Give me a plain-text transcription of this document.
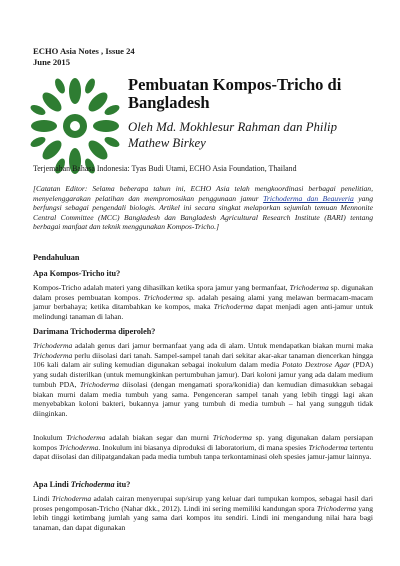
ECHO Asia Notes , Issue 24
June 2015
Pembuatan Kompos-Tricho di Bangladesh
Oleh Md. Mokhlesur Rahman dan Philip Mathew Birkey
Terjemahan Bahasa Indonesia: Tyas Budi Utami, ECHO Asia Foundation, Thailand
[Catatan Editor: Selama beberapa tahun ini, ECHO Asia telah mengkoordinasi berbagai penelitian, menyelenggarakan pelatihan dan mempromosikan penggunaan jamur Trichoderma dan Beauveria yang berfungsi sebagai pengendali biologis. Artikel ini secara singkat melaporkan sejumlah temuan Mennonite Central Committee (MCC) Bangladesh dan Bangladesh Agricultural Research Institute (BARI) tentang berbagai manfaat dan teknik menggunakan Kompos-Tricho.]
Pendahuluan
Apa Kompos-Tricho itu?
Kompos-Tricho adalah materi yang dihasilkan ketika spora jamur yang bermanfaat, Trichoderma sp. digunakan dalam proses pembuatan kompos. Trichoderma sp. adalah pesaing alami yang melawan bermacam-macam jamur berbahaya; ketika ditambahkan ke kompos, maka Trichoderma dapat menjadi agen anti-jamur untuk melindungi tanaman di lahan.
Darimana Trichoderma diperoleh?
Trichoderma adalah genus dari jamur bermanfaat yang ada di alam. Untuk mendapatkan biakan murni maka Trichoderma perlu diisolasi dari tanah. Sampel-sampel tanah dari sekitar akar-akar tanaman diencerkan hingga 106 kali dalam air suling kemudian digunakan sebagai inokulum dalam media Potato Dextrose Agar (PDA) yang sudah disterilkan (untuk memungkinkan pertumbuhan jamur). Dari koloni jamur yang ada dalam medium tumbuh PDA, Trichoderma diisolasi (dengan mengamati spora/konidia) dan kemudian dimasukkan sebagai biakan murni dalam media tumbuh yang sama. Pengenceran sampel tanah yang lebih tinggi lagi akan menyebabkan koloni bakteri, bukannya jamur yang tumbuh di media tumbuh – hal yang sungguh tidak diinginkan.
Inokulum Trichoderma adalah biakan segar dan murni Trichoderma sp. yang digunakan dalam persiapan kompos Trichoderma. Inokulum ini biasanya diproduksi di laboratorium, di mana spesies Trichoderma tertentu dapat diisolasi dan dilipatgandakan pada media tumbuh tanpa terkontaminasi oleh spesies jamur-jamur lainnya.
Apa Lindi Trichoderma itu?
Lindi Trichoderma adalah cairan menyerupai sup/sirup yang keluar dari tumpukan kompos, sebagai hasil dari proses pengomposan-Tricho (Nahar dkk., 2012). Lindi ini sering memiliki kandungan spora Trichoderma yang lebih tinggi ketimbang jumlah yang sama dari kompos itu sendiri. Lindi ini mengandung nilai hara bagi tanaman, dan dapat digunakan
